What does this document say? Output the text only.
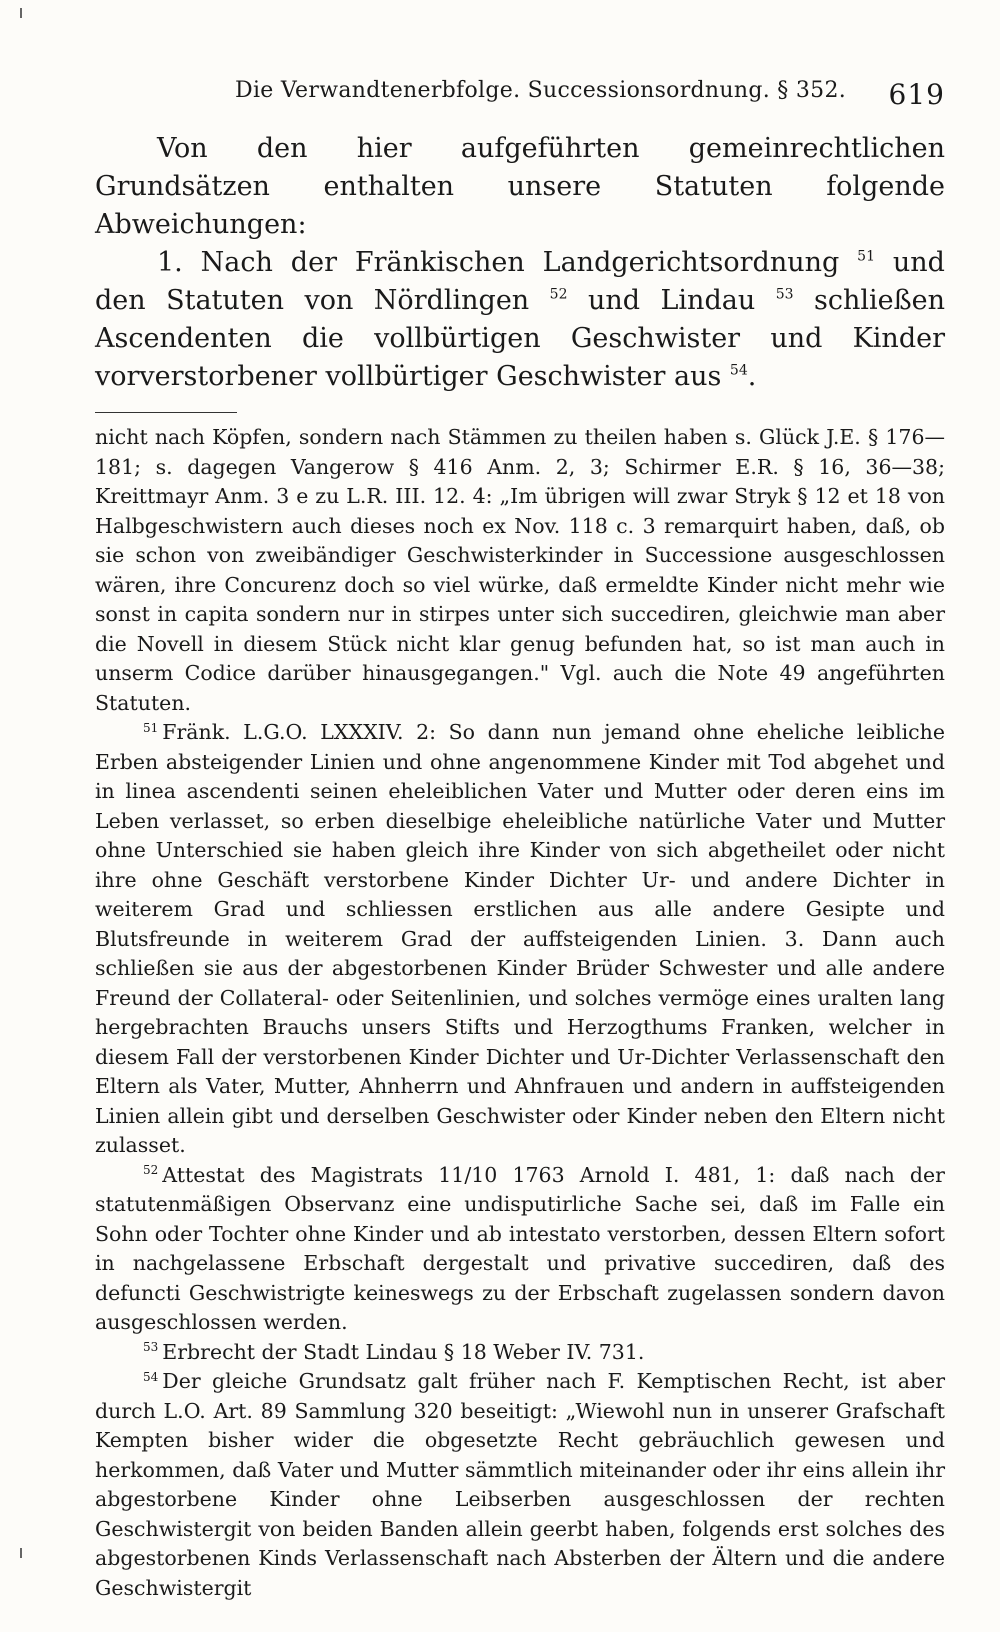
Die Verwandtenerbfolge. Successionsordnung. § 352. 619

Von den hier aufgeführten gemeinrechtlichen Grundsätzen enthalten unsere Statuten folgende Abweichungen:

1. Nach der Fränkischen Landgerichtsordnung $^{51}$ und den Statuten von Nördlingen $^{52}$ und Lindau $^{53}$ schließen Ascendenten die vollbürtigen Geschwister und Kinder vorverstorbener vollbürtiger Geschwister aus $^{54}$.

nicht nach Köpfen, sondern nach Stämmen zu theilen haben s. Glück J.E. § 176—181; s. dagegen Vangerow § 416 Anm. 2, 3; Schirmer E.R. § 16, 36—38; Kreittmayr Anm. 3 e zu L.R. III. 12. 4: „Im übrigen will zwar Stryk § 12 et 18 von Halbgeschwistern auch dieses noch ex Nov. 118 c. 3 remarquirt haben, daß, ob sie schon von zweibändiger Geschwisterkinder in Successione ausgeschlossen wären, ihre Concurenz doch so viel würke, daß ermeldte Kinder nicht mehr wie sonst in capita sondern nur in stirpes unter sich succediren, gleichwie man aber die Novell in diesem Stück nicht klar genug befunden hat, so ist man auch in unserm Codice darüber hinausgegangen." Vgl. auch die Note 49 angeführten Statuten.

$^{51}$ Fränk. L.G.O. LXXXIV. 2: So dann nun jemand ohne eheliche leibliche Erben absteigender Linien und ohne angenommene Kinder mit Tod abgehet und in linea ascendenti seinen eheleiblichen Vater und Mutter oder deren eins im Leben verlasset, so erben dieselbige eheleibliche natürliche Vater und Mutter ohne Unterschied sie haben gleich ihre Kinder von sich abgetheilet oder nicht ihre ohne Geschäft verstorbene Kinder Dichter Ur- und andere Dichter in weiterem Grad und schliessen erstlichen aus alle andere Gesipte und Blutsfreunde in weiterem Grad der auffsteigenden Linien. 3. Dann auch schließen sie aus der abgestorbenen Kinder Brüder Schwester und alle andere Freund der Collateral- oder Seitenlinien, und solches vermöge eines uralten lang hergebrachten Brauchs unsers Stifts und Herzogthums Franken, welcher in diesem Fall der verstorbenen Kinder Dichter und Ur-Dichter Verlassenschaft den Eltern als Vater, Mutter, Ahnherrn und Ahnfrauen und andern in auffsteigenden Linien allein gibt und derselben Geschwister oder Kinder neben den Eltern nicht zulasset.

$^{52}$ Attestat des Magistrats 11/10 1763 Arnold I. 481, 1: daß nach der statutenmäßigen Observanz eine undisputirliche Sache sei, daß im Falle ein Sohn oder Tochter ohne Kinder und ab intestato verstorben, dessen Eltern sofort in nachgelassene Erbschaft dergestalt und privative succediren, daß des defuncti Geschwistrigte keineswegs zu der Erbschaft zugelassen sondern davon ausgeschlossen werden.

$^{53}$ Erbrecht der Stadt Lindau § 18 Weber IV. 731.

$^{54}$ Der gleiche Grundsatz galt früher nach F. Kemptischen Recht, ist aber durch L.O. Art. 89 Sammlung 320 beseitigt: „Wiewohl nun in unserer Grafschaft Kempten bisher wider die obgesetzte Recht gebräuchlich gewesen und herkommen, daß Vater und Mutter sämmtlich miteinander oder ihr eins allein ihr abgestorbene Kinder ohne Leibserben ausgeschlossen der rechten Geschwistergit von beiden Banden allein geerbt haben, folgends erst solches des abgestorbenen Kinds Verlassenschaft nach Absterben der Ältern und die andere Geschwistergit
